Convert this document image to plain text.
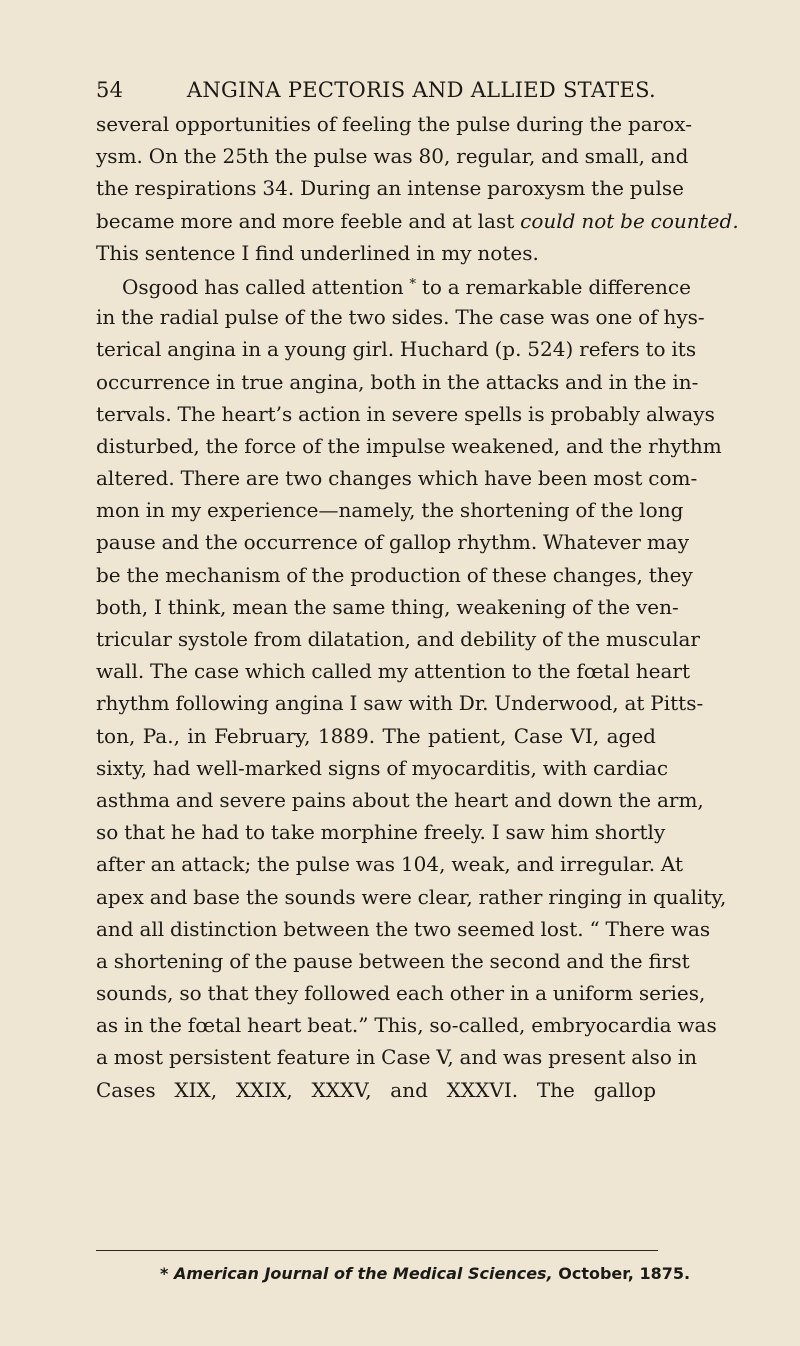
54	ANGINA PECTORIS AND ALLIED STATES.
several opportunities of feeling the pulse during the parox-
ysm. On the 25th the pulse was 80, regular, and small, and
the respirations 34. During an intense paroxysm the pulse
became more and more feeble and at last could not be counted.
This sentence I find underlined in my notes.
Osgood has called attention * to a remarkable difference
in the radial pulse of the two sides. The case was one of hys-
terical angina in a young girl. Huchard (p. 524) refers to its
occurrence in true angina, both in the attacks and in the in-
tervals. The heart’s action in severe spells is probably always
disturbed, the force of the impulse weakened, and the rhythm
altered. There are two changes which have been most com-
mon in my experience—namely, the shortening of the long
pause and the occurrence of gallop rhythm. Whatever may
be the mechanism of the production of these changes, they
both, I think, mean the same thing, weakening of the ven-
tricular systole from dilatation, and debility of the muscular
wall. The case which called my attention to the fœtal heart
rhythm following angina I saw with Dr. Underwood, at Pitts-
ton, Pa., in February, 1889. The patient, Case VI, aged
sixty, had well-marked signs of myocarditis, with cardiac
asthma and severe pains about the heart and down the arm,
so that he had to take morphine freely. I saw him shortly
after an attack; the pulse was 104, weak, and irregular. At
apex and base the sounds were clear, rather ringing in quality,
and all distinction between the two seemed lost. “ There was
a shortening of the pause between the second and the first
sounds, so that they followed each other in a uniform series,
as in the fœtal heart beat.” This, so-called, embryocardia was
a most persistent feature in Case V, and was present also in
Cases XIX, XXIX, XXXV, and XXXVI. The gallop
* American Journal of the Medical Sciences, October, 1875.
